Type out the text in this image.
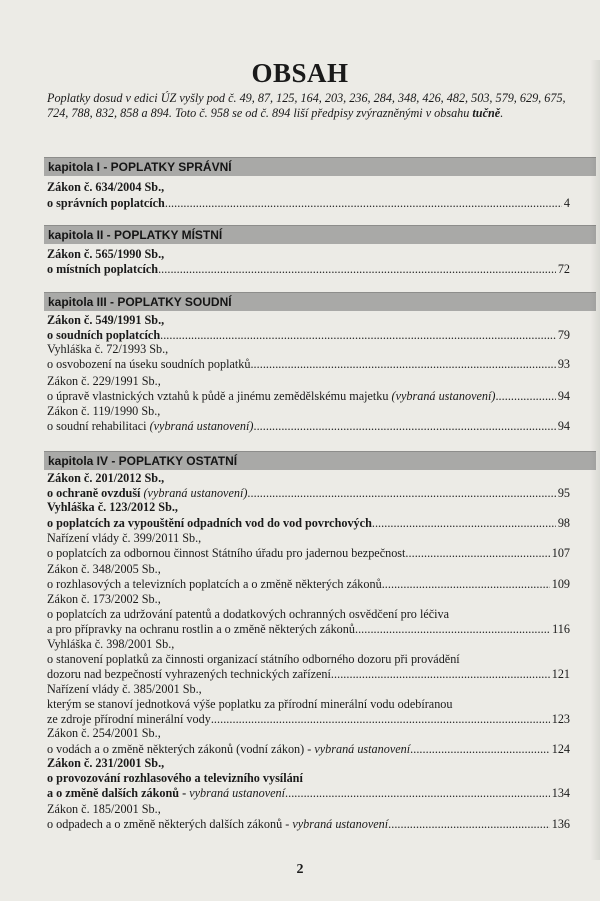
OBSAH
Poplatky dosud v edici ÚZ vyšly pod č. 49, 87, 125, 164, 203, 236, 284, 348, 426, 482, 503, 579, 629, 675,
724, 788, 832, 858 a 894. Toto č. 958 se od č. 894 liší předpisy zvýrazněnými v obsahu tučně.
kapitola I - POPLATKY SPRÁVNÍ
Zákon č. 634/2004 Sb.,
o správních poplatcích . . .	4
kapitola II - POPLATKY MÍSTNÍ
Zákon č. 565/1990 Sb.,
o místních poplatcích . . .	72
kapitola III - POPLATKY SOUDNÍ
Zákon č. 549/1991 Sb.,
o soudních poplatcích . . .	79
Vyhláška č. 72/1993 Sb.,
o osvobození na úseku soudních poplatků . . .	93
Zákon č. 229/1991 Sb.,
o úpravě vlastnických vztahů k půdě a jinému zemědělskému majetku (vybraná ustanovení) . . .	94
Zákon č. 119/1990 Sb.,
o soudní rehabilitaci (vybraná ustanovení) . . .	94
kapitola IV - POPLATKY OSTATNÍ
Zákon č. 201/2012 Sb.,
o ochraně ovzduší (vybraná ustanovení) . . .	95
Vyhláška č. 123/2012 Sb.,
o poplatcích za vypouštění odpadních vod do vod povrchových . . .	98
Nařízení vlády č. 399/2011 Sb.,
o poplatcích za odbornou činnost Státního úřadu pro jadernou bezpečnost . . .	107
Zákon č. 348/2005 Sb.,
o rozhlasových a televizních poplatcích a o změně některých zákonů . . .	109
Zákon č. 173/2002 Sb.,
o poplatcích za udržování patentů a dodatkových ochranných osvědčení pro léčiva
a pro přípravky na ochranu rostlin a o změně některých zákonů . . .	116
Vyhláška č. 398/2001 Sb.,
o stanovení poplatků za činnosti organizací státního odborného dozoru při provádění
dozoru nad bezpečností vyhrazených technických zařízení . . .	121
Nařízení vlády č. 385/2001 Sb.,
kterým se stanoví jednotková výše poplatku za přírodní minerální vodu odebíranou
ze zdroje přírodní minerální vody . . .	123
Zákon č. 254/2001 Sb.,
o vodách a o změně některých zákonů (vodní zákon) - vybraná ustanovení . . .	124
Zákon č. 231/2001 Sb.,
o provozování rozhlasového a televizního vysílání
a o změně dalších zákonů - vybraná ustanovení . . .	134
Zákon č. 185/2001 Sb.,
o odpadech a o změně některých dalších zákonů - vybraná ustanovení . . .	136
2
